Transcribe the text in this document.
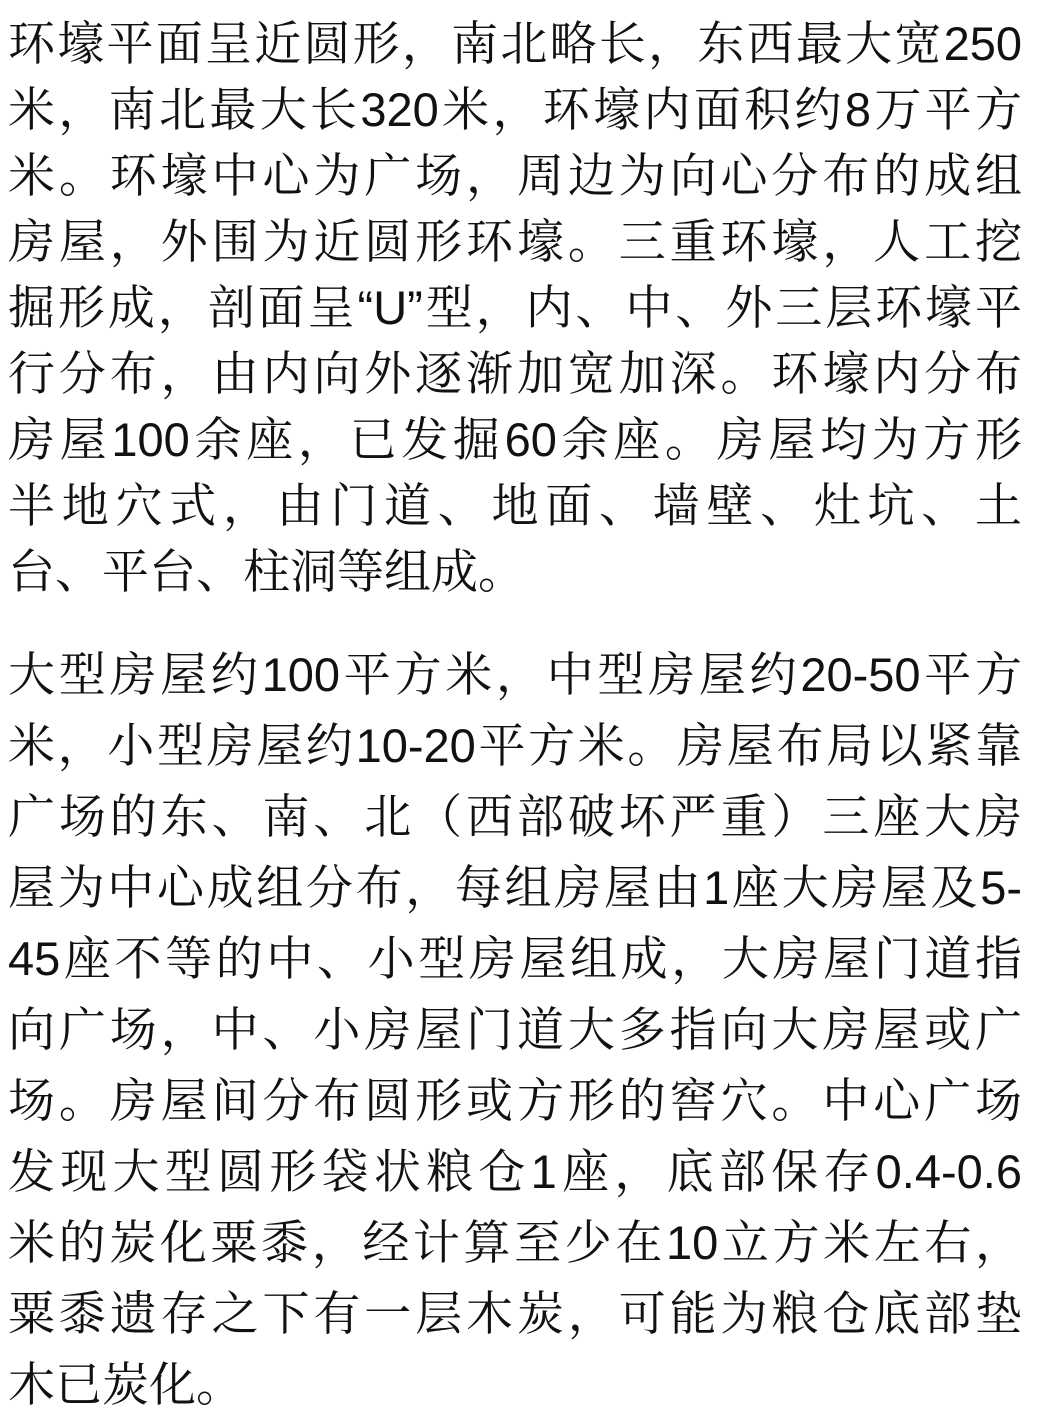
环壕平面呈近圆形，南北略长，东西最大宽250
米，南北最大长320米，环壕内面积约8万平方
米。环壕中心为广场，周边为向心分布的成组
房屋，外围为近圆形环壕。三重环壕，人工挖
掘形成，剖面呈“U”型，内、中、外三层环壕平
行分布，由内向外逐渐加宽加深。环壕内分布
房屋100余座，已发掘60余座。房屋均为方形
半地穴式，由门道、地面、墙壁、灶坑、土
台、平台、柱洞等组成。
大型房屋约100平方米，中型房屋约20-50平方
米，小型房屋约10-20平方米。房屋布局以紧靠
广场的东、南、北（西部破坏严重）三座大房
屋为中心成组分布，每组房屋由1座大房屋及5-
45座不等的中、小型房屋组成，大房屋门道指
向广场，中、小房屋门道大多指向大房屋或广
场。房屋间分布圆形或方形的窖穴。中心广场
发现大型圆形袋状粮仓1座，底部保存0.4-0.6
米的炭化粟黍，经计算至少在10立方米左右，
粟黍遗存之下有一层木炭，可能为粮仓底部垫
木已炭化。
